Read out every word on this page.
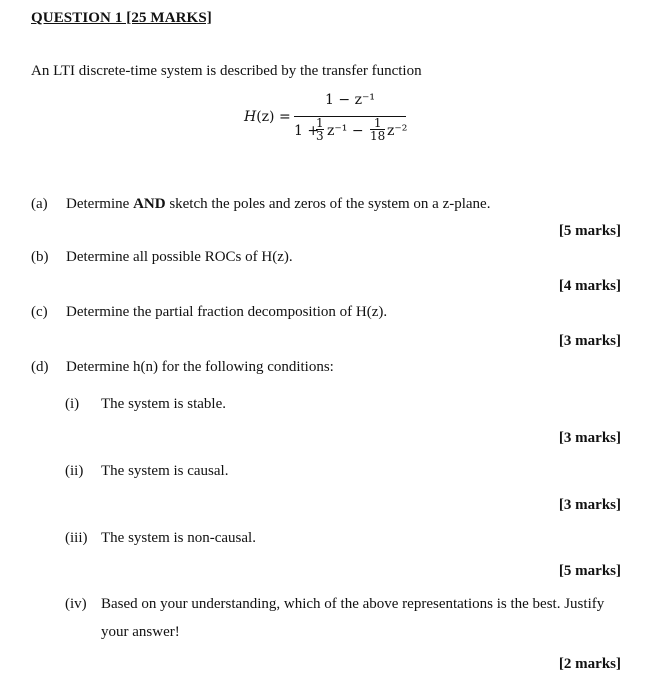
QUESTION 1 [25 MARKS]
An LTI discrete-time system is described by the transfer function
H(z) =
1 − z⁻¹
1 +
$\frac{1}{3} z^{-1} - \frac{1}{18} z^{-2}$
(a) Determine AND sketch the poles and zeros of the system on a z-plane.
[5 marks]
(b) Determine all possible ROCs of H(z).
[4 marks]
(c) Determine the partial fraction decomposition of H(z).
[3 marks]
(d) Determine h(n) for the following conditions:
(i) The system is stable.
[3 marks]
(ii) The system is causal.
[3 marks]
(iii) The system is non-causal.
[5 marks]
(iv) Based on your understanding, which of the above representations is the best. Justify
your answer!
[2 marks]
